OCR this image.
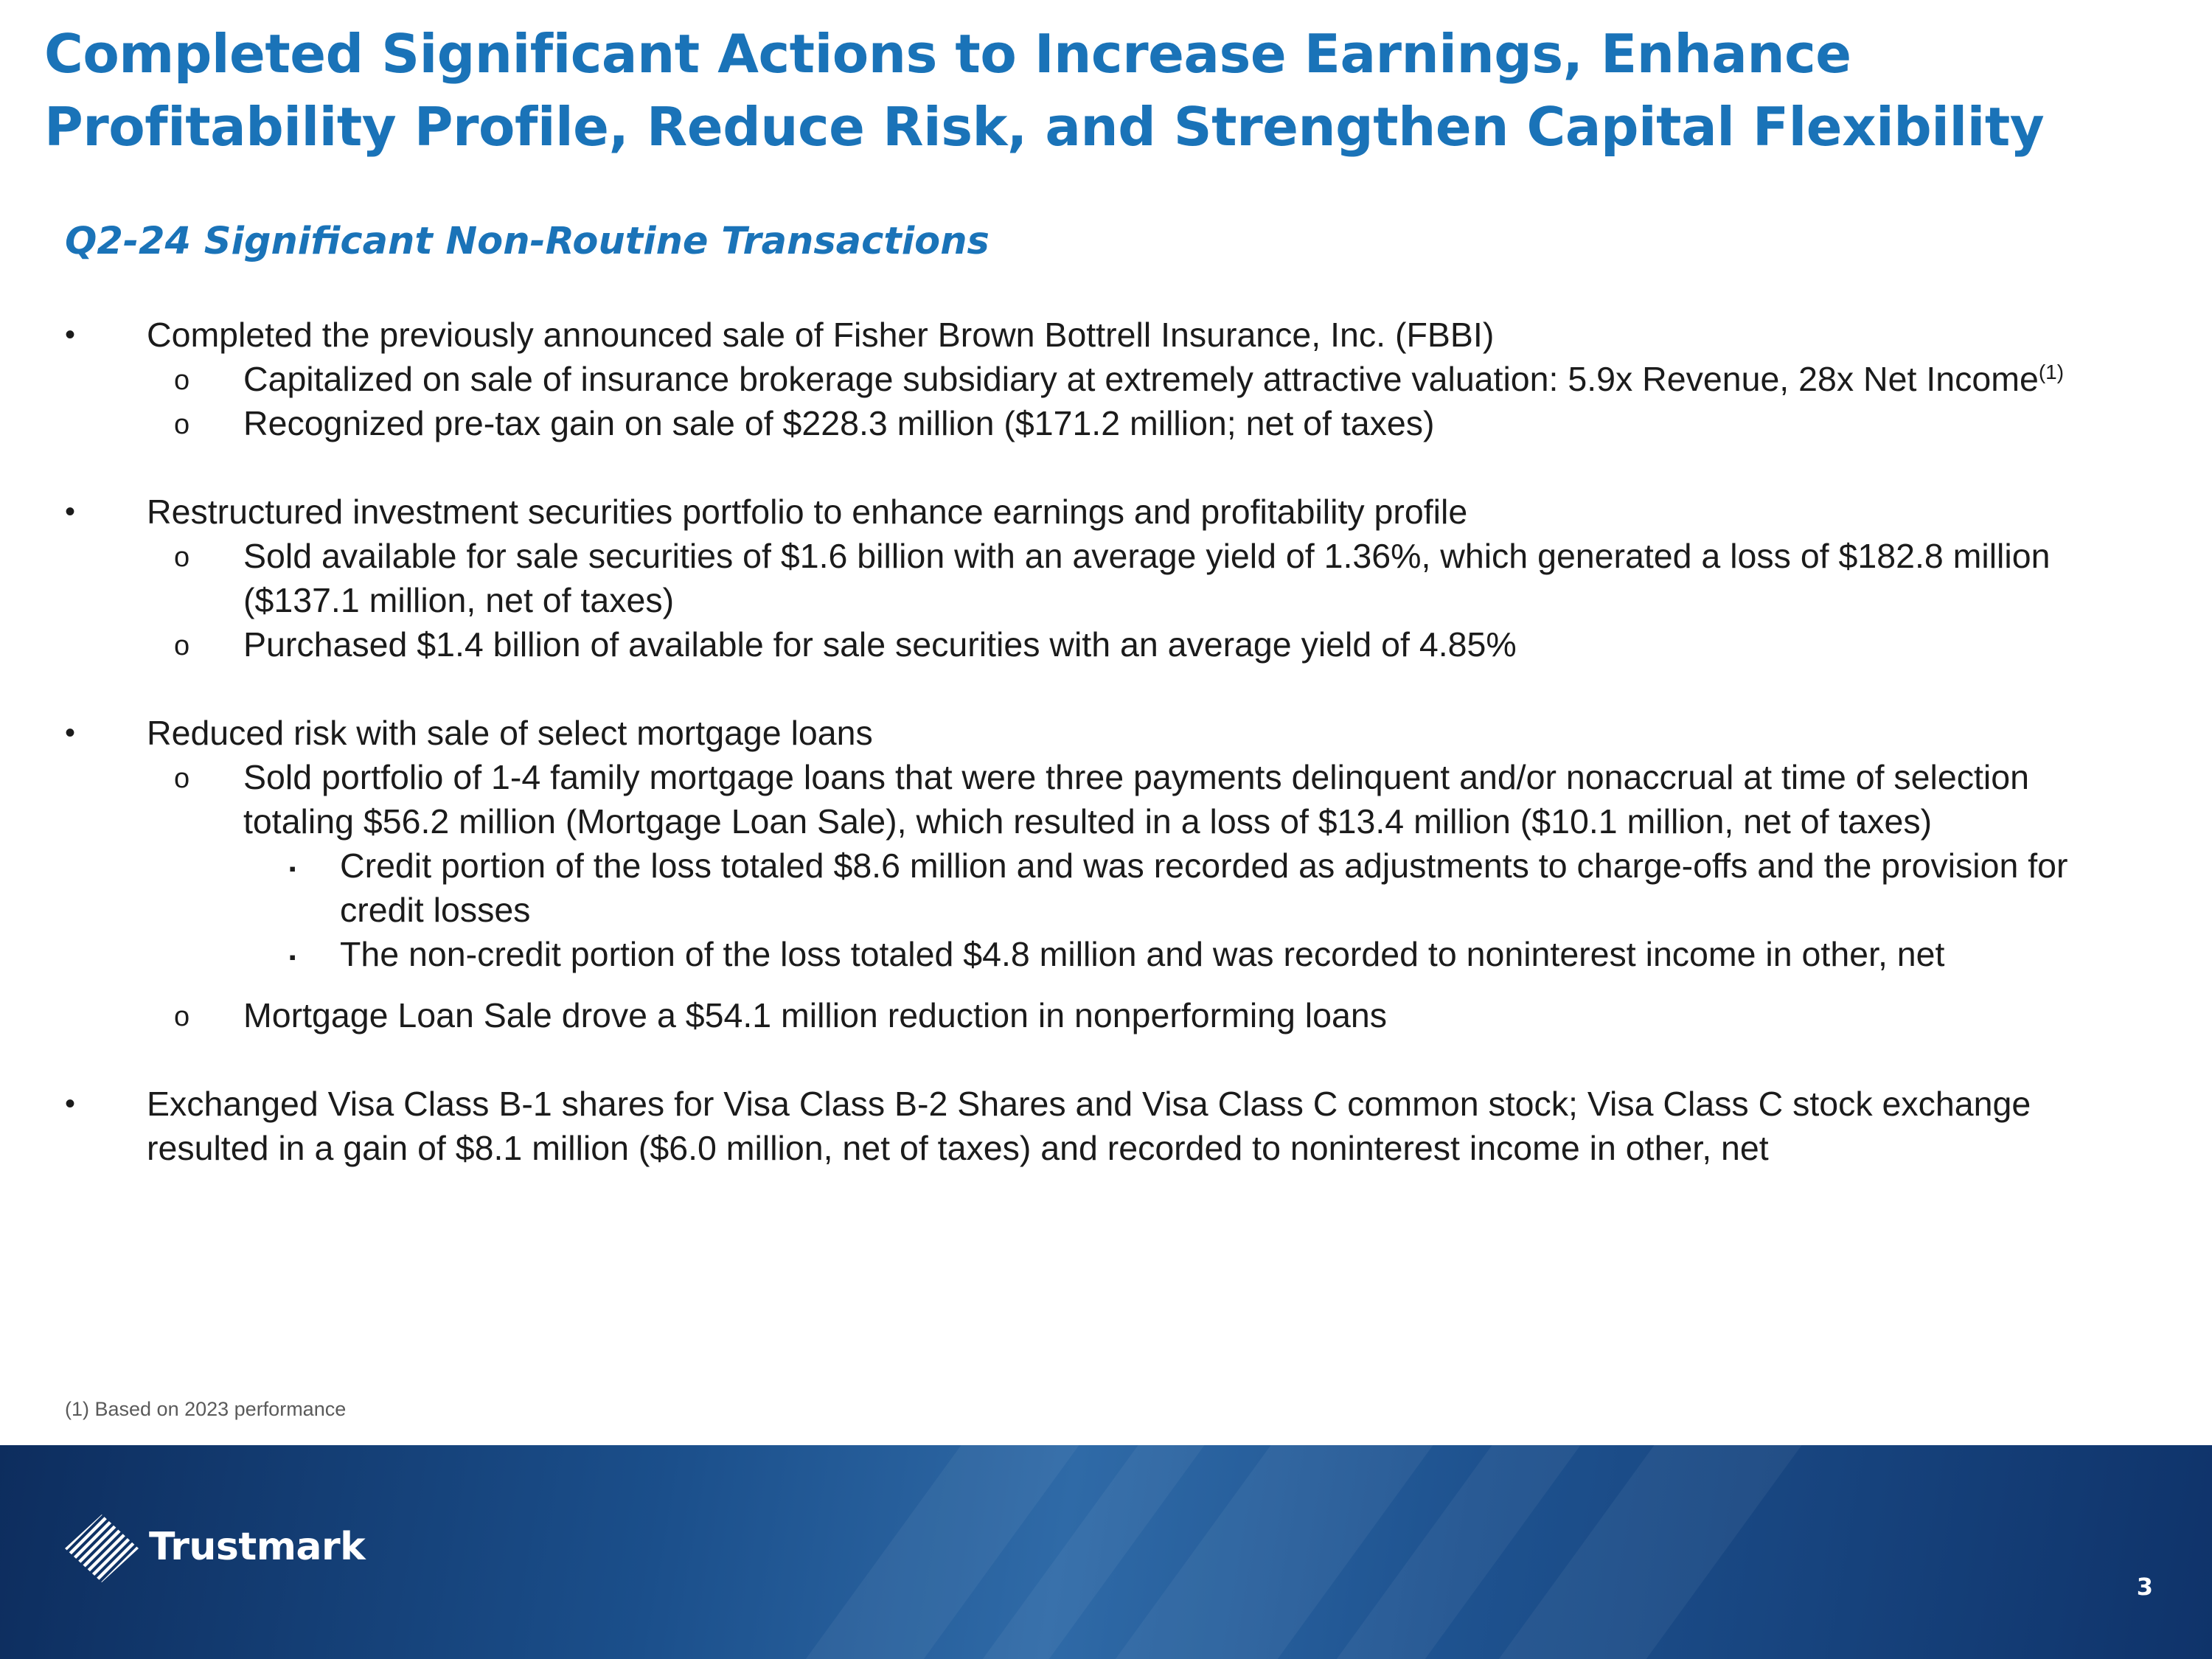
Completed Significant Actions to Increase Earnings, Enhance Profitability Profile, Reduce Risk, and Strengthen Capital Flexibility
Q2-24 Significant Non-Routine Transactions
• Completed the previously announced sale of Fisher Brown Bottrell Insurance, Inc. (FBBI)
o Capitalized on sale of insurance brokerage subsidiary at extremely attractive valuation: 5.9x Revenue, 28x Net Income$^{(1)}$
o Recognized pre-tax gain on sale of $228.3 million ($171.2 million; net of taxes)
• Restructured investment securities portfolio to enhance earnings and profitability profile
o Sold available for sale securities of $1.6 billion with an average yield of 1.36%, which generated a loss of $182.8 million ($137.1 million, net of taxes)
o Purchased $1.4 billion of available for sale securities with an average yield of 4.85%
• Reduced risk with sale of select mortgage loans
o Sold portfolio of 1-4 family mortgage loans that were three payments delinquent and/or nonaccrual at time of selection totaling $56.2 million (Mortgage Loan Sale), which resulted in a loss of $13.4 million ($10.1 million, net of taxes)
▪ Credit portion of the loss totaled $8.6 million and was recorded as adjustments to charge-offs and the provision for credit losses
▪ The non-credit portion of the loss totaled $4.8 million and was recorded to noninterest income in other, net
o Mortgage Loan Sale drove a $54.1 million reduction in nonperforming loans
• Exchanged Visa Class B-1 shares for Visa Class B-2 Shares and Visa Class C common stock; Visa Class C stock exchange resulted in a gain of $8.1 million ($6.0 million, net of taxes) and recorded to noninterest income in other, net

(1) Based on 2023 performance

Trustmark
3
